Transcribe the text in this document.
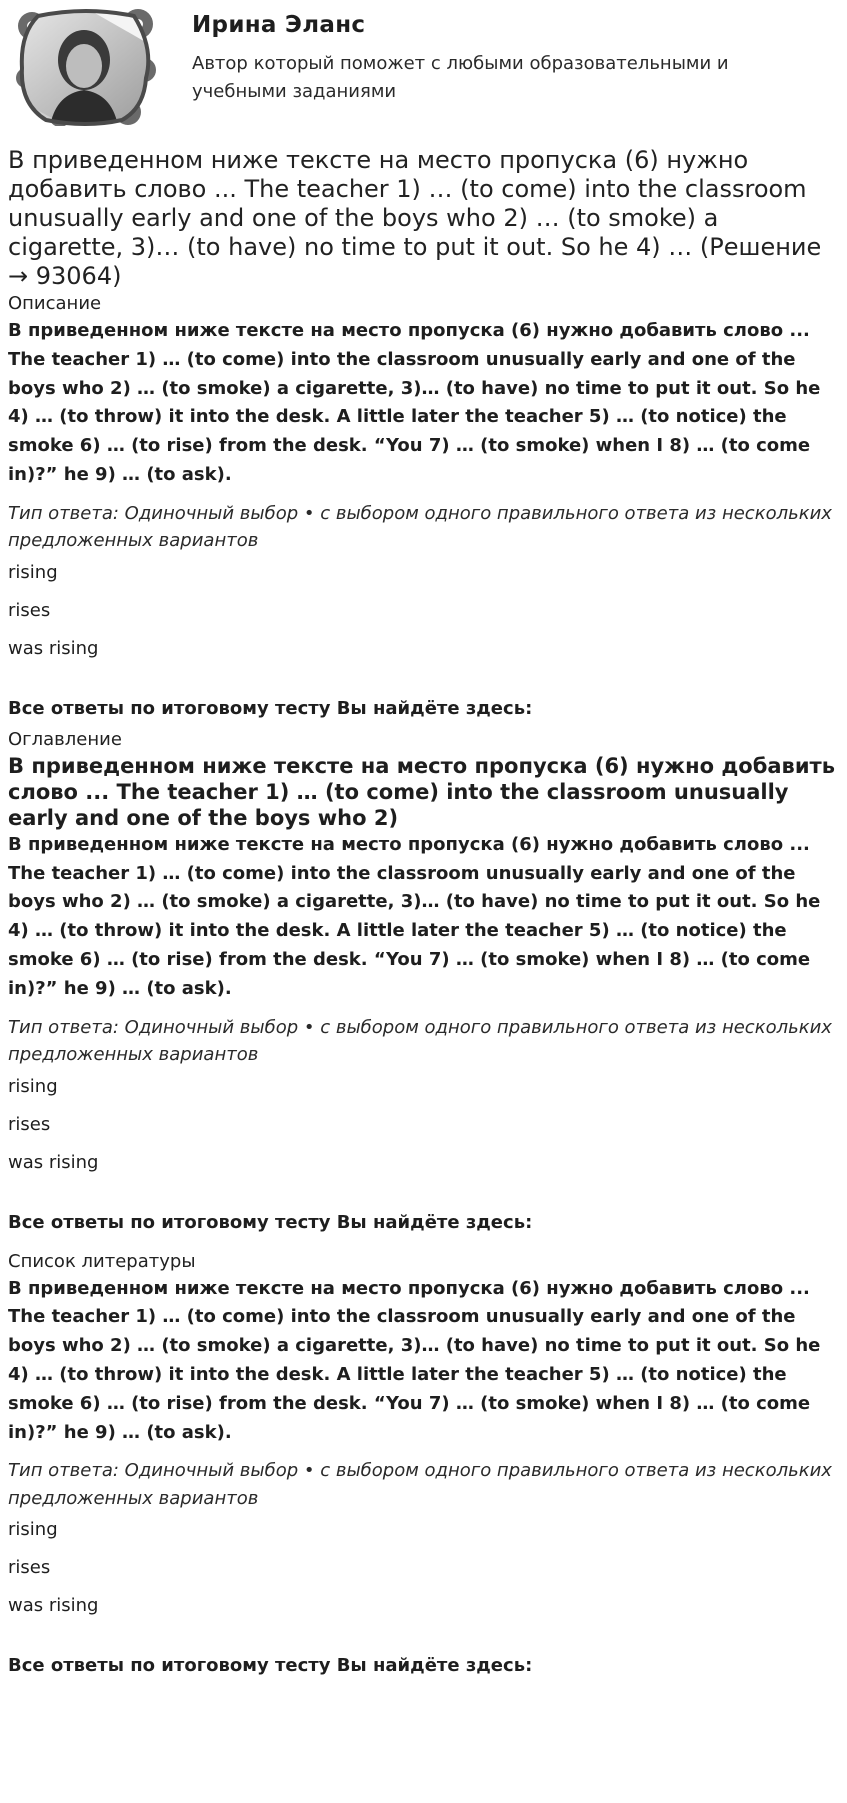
Ирина Эланс

Автор который поможет с любыми образовательными и учебными заданиями

В приведенном ниже тексте на место пропуска (6) нужно добавить слово ... The teacher 1) … (to come) into the classroom unusually early and one of the boys who 2) … (to smoke) a cigarette, 3)… (to have) no time to put it out. So he 4) … (Решение → 93064)

Описание

В приведенном ниже тексте на место пропуска (6) нужно добавить слово ... The teacher 1) … (to come) into the classroom unusually early and one of the boys who 2) … (to smoke) a cigarette, 3)… (to have) no time to put it out. So he 4) … (to throw) it into the desk. A little later the teacher 5) … (to notice) the smoke 6) … (to rise) from the desk. “You 7) … (to smoke) when I 8) … (to come in)?” he 9) … (to ask).

Тип ответа: Одиночный выбор • с выбором одного правильного ответа из нескольких предложенных вариантов

rising
rises
was rising

Все ответы по итоговому тесту Вы найдёте здесь:

Оглавление

В приведенном ниже тексте на место пропуска (6) нужно добавить слово ... The teacher 1) … (to come) into the classroom unusually early and one of the boys who 2)

В приведенном ниже тексте на место пропуска (6) нужно добавить слово ... The teacher 1) … (to come) into the classroom unusually early and one of the boys who 2) … (to smoke) a cigarette, 3)… (to have) no time to put it out. So he 4) … (to throw) it into the desk. A little later the teacher 5) … (to notice) the smoke 6) … (to rise) from the desk. “You 7) … (to smoke) when I 8) … (to come in)?” he 9) … (to ask).

Тип ответа: Одиночный выбор • с выбором одного правильного ответа из нескольких предложенных вариантов

rising
rises
was rising

Все ответы по итоговому тесту Вы найдёте здесь:

Список литературы

В приведенном ниже тексте на место пропуска (6) нужно добавить слово ... The teacher 1) … (to come) into the classroom unusually early and one of the boys who 2) … (to smoke) a cigarette, 3)… (to have) no time to put it out. So he 4) … (to throw) it into the desk. A little later the teacher 5) … (to notice) the smoke 6) … (to rise) from the desk. “You 7) … (to smoke) when I 8) … (to come in)?” he 9) … (to ask).

Тип ответа: Одиночный выбор • с выбором одного правильного ответа из нескольких предложенных вариантов

rising
rises
was rising

Все ответы по итоговому тесту Вы найдёте здесь:
